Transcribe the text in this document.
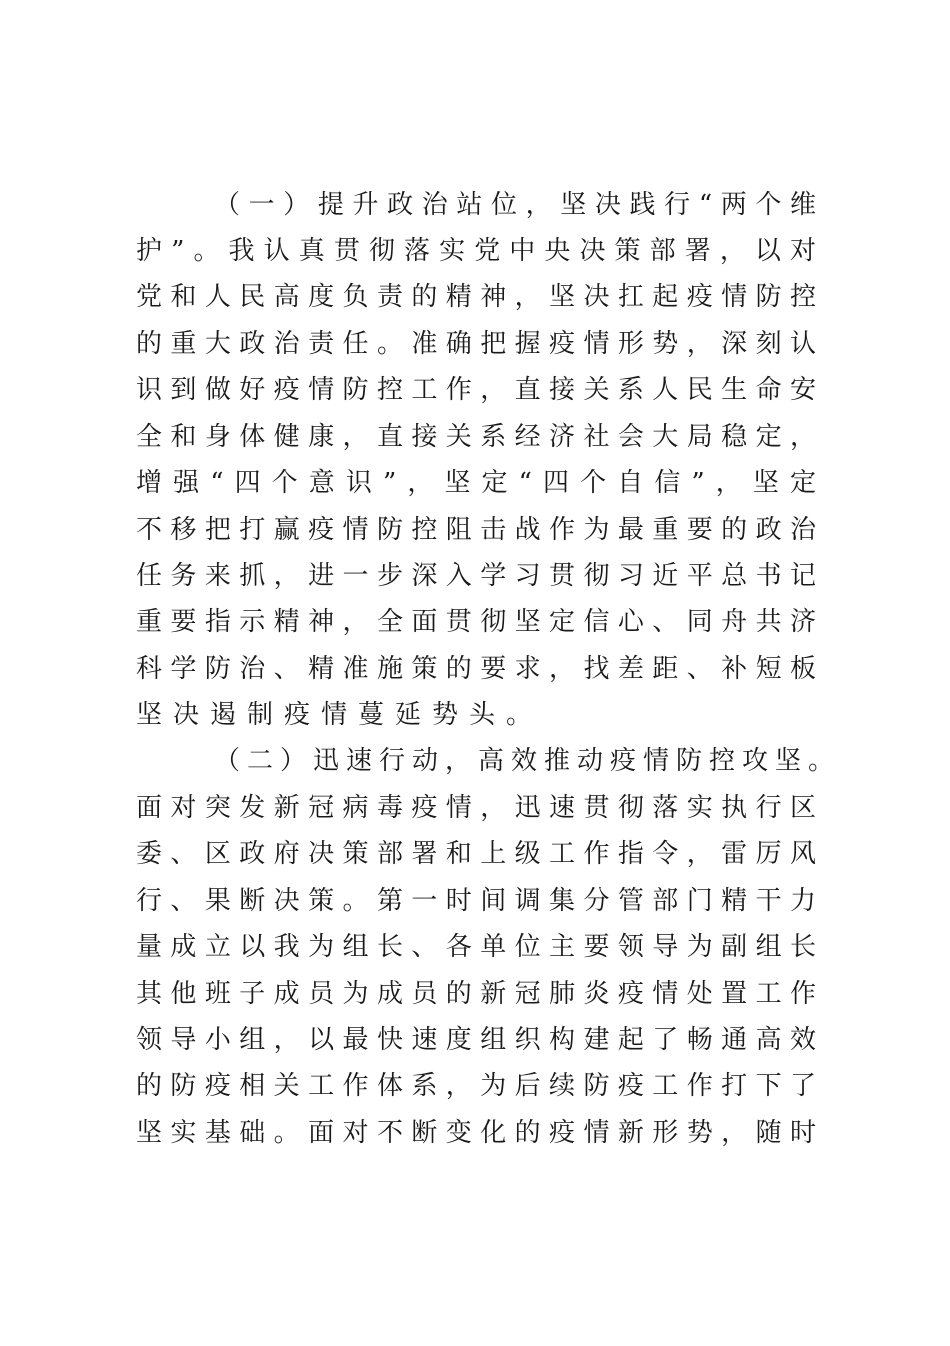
（一）提升政治站位，坚决践行“两个维
护”。我认真贯彻落实党中央决策部署，以对
党和人民高度负责的精神，坚决扛起疫情防控
的重大政治责任。准确把握疫情形势，深刻认
识到做好疫情防控工作，直接关系人民生命安
全和身体健康，直接关系经济社会大局稳定，
增强“四个意识”，坚定“四个自信”，坚定
不移把打赢疫情防控阻击战作为最重要的政治
任务来抓，进一步深入学习贯彻习近平总书记
重要指示精神，全面贯彻坚定信心、同舟共济
科学防治、精准施策的要求，找差距、补短板
坚决遏制疫情蔓延势头。
（二）迅速行动，高效推动疫情防控攻坚。
面对突发新冠病毒疫情，迅速贯彻落实执行区
委、区政府决策部署和上级工作指令，雷厉风
行、果断决策。第一时间调集分管部门精干力
量成立以我为组长、各单位主要领导为副组长
其他班子成员为成员的新冠肺炎疫情处置工作
领导小组，以最快速度组织构建起了畅通高效
的防疫相关工作体系，为后续防疫工作打下了
坚实基础。面对不断变化的疫情新形势，随时
